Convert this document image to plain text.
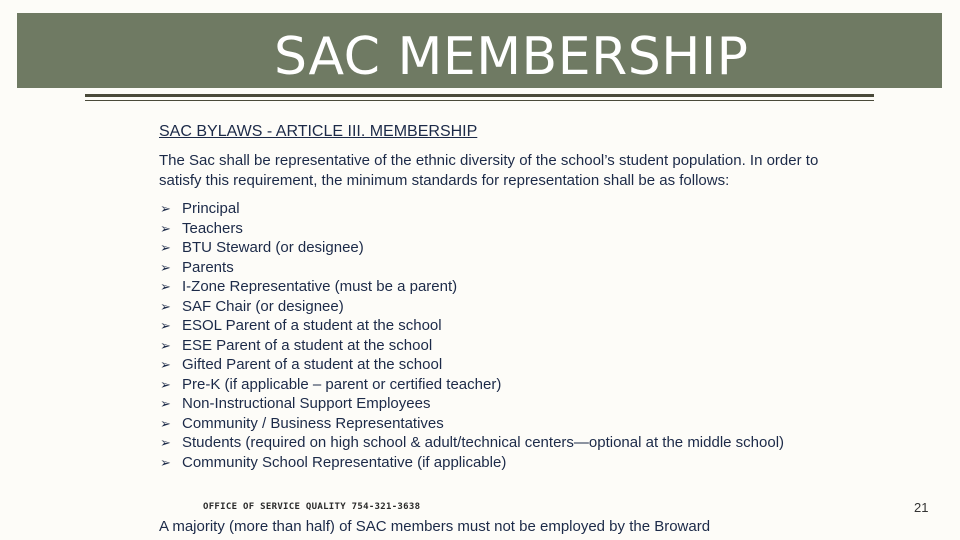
SAC MEMBERSHIP
SAC BYLAWS - ARTICLE III. MEMBERSHIP
The Sac shall be representative of the ethnic diversity of the school’s student population. In order to satisfy this requirement, the minimum standards for representation shall be as follows:
➢ Principal
➢ Teachers
➢ BTU Steward (or designee)
➢ Parents
➢ I-Zone Representative (must be a parent)
➢ SAF Chair (or designee)
➢ ESOL Parent of a student at the school
➢ ESE Parent of a student at the school
➢ Gifted Parent of a student at the school
➢ Pre-K (if applicable – parent or certified teacher)
➢ Non-Instructional Support Employees
➢ Community / Business Representatives
➢ Students (required on high school & adult/technical centers—optional at the middle school)
➢ Community School Representative (if applicable)
OFFICE OF SERVICE QUALITY 754-321-3638
A majority (more than half) of SAC members must not be employed by the Broward
21
